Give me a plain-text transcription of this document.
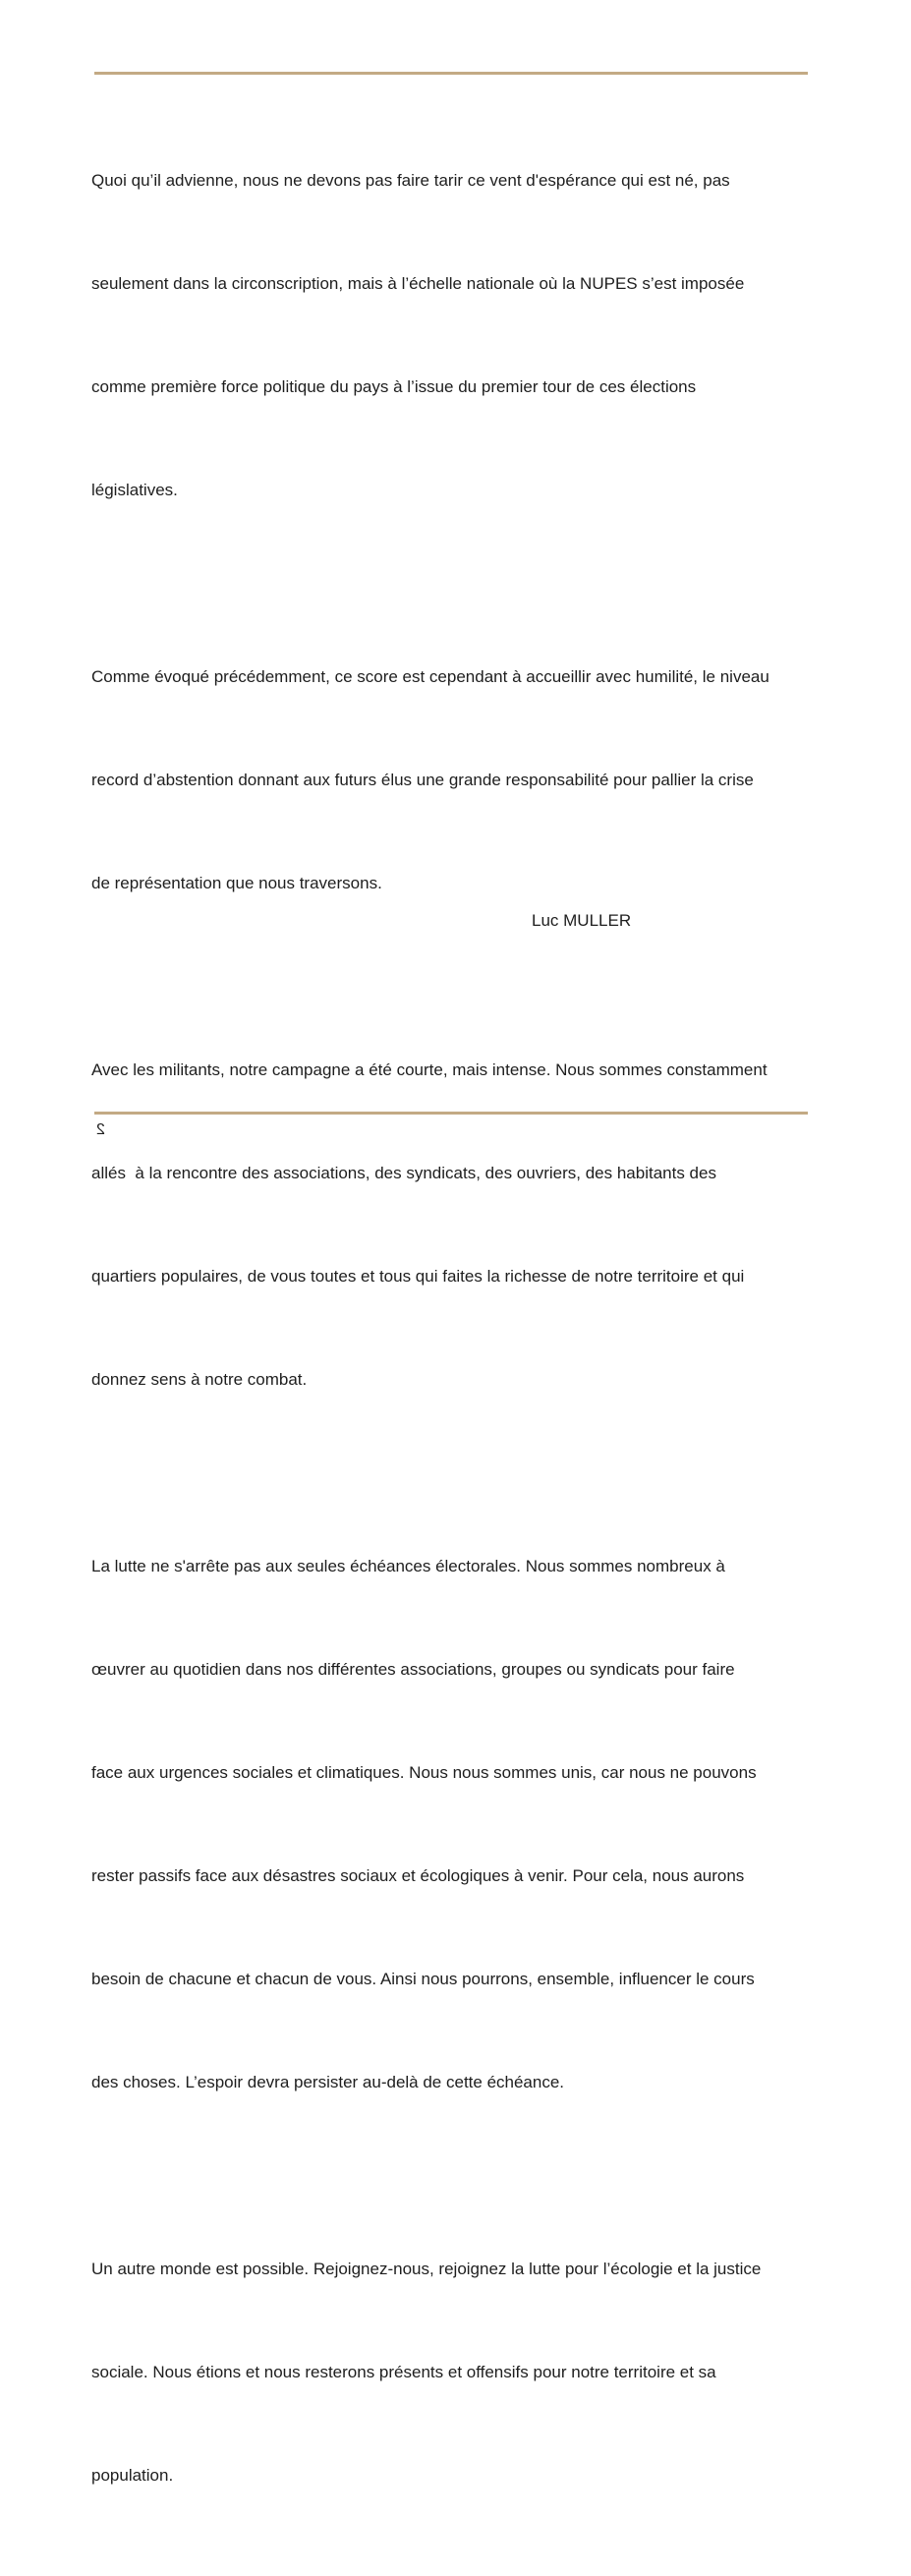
Quoi qu’il advienne, nous ne devons pas faire tarir ce vent d'espérance qui est né, pas

seulement dans la circonscription, mais à l’échelle nationale où la NUPES s’est imposée

comme première force politique du pays à l’issue du premier tour de ces élections

législatives.

Comme évoqué précédemment, ce score est cependant à accueillir avec humilité, le niveau

record d’abstention donnant aux futurs élus une grande responsabilité pour pallier la crise

de représentation que nous traversons.

Avec les militants, notre campagne a été courte, mais intense. Nous sommes constamment

allés  à la rencontre des associations, des syndicats, des ouvriers, des habitants des

quartiers populaires, de vous toutes et tous qui faites la richesse de notre territoire et qui

donnez sens à notre combat.

La lutte ne s'arrête pas aux seules échéances électorales. Nous sommes nombreux à

œuvrer au quotidien dans nos différentes associations, groupes ou syndicats pour faire

face aux urgences sociales et climatiques. Nous nous sommes unis, car nous ne pouvons

rester passifs face aux désastres sociaux et écologiques à venir. Pour cela, nous aurons

besoin de chacune et chacun de vous. Ainsi nous pourrons, ensemble, influencer le cours

des choses. L’espoir devra persister au-delà de cette échéance.

Un autre monde est possible. Rejoignez-nous, rejoignez la lutte pour l’écologie et la justice

sociale. Nous étions et nous resterons présents et offensifs pour notre territoire et sa

population.

Luc MULLER
2
